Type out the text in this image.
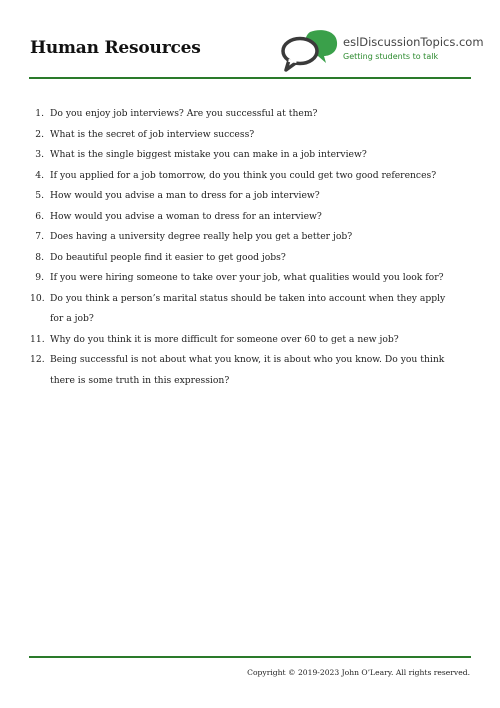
Human Resources	eslDiscussionTopics.com
Getting students to talk
1. Do you enjoy job interviews? Are you successful at them?
2. What is the secret of job interview success?
3. What is the single biggest mistake you can make in a job interview?
4. If you applied for a job tomorrow, do you think you could get two good references?
5. How would you advise a man to dress for a job interview?
6. How would you advise a woman to dress for an interview?
7. Does having a university degree really help you get a better job?
8. Do beautiful people find it easier to get good jobs?
9. If you were hiring someone to take over your job, what qualities would you look for?
10. Do you think a person’s marital status should be taken into account when they apply for a job?
11. Why do you think it is more difficult for someone over 60 to get a new job?
12. Being successful is not about what you know, it is about who you know. Do you think there is some truth in this expression?
Copyright © 2019-2023 John O’Leary. All rights reserved.
